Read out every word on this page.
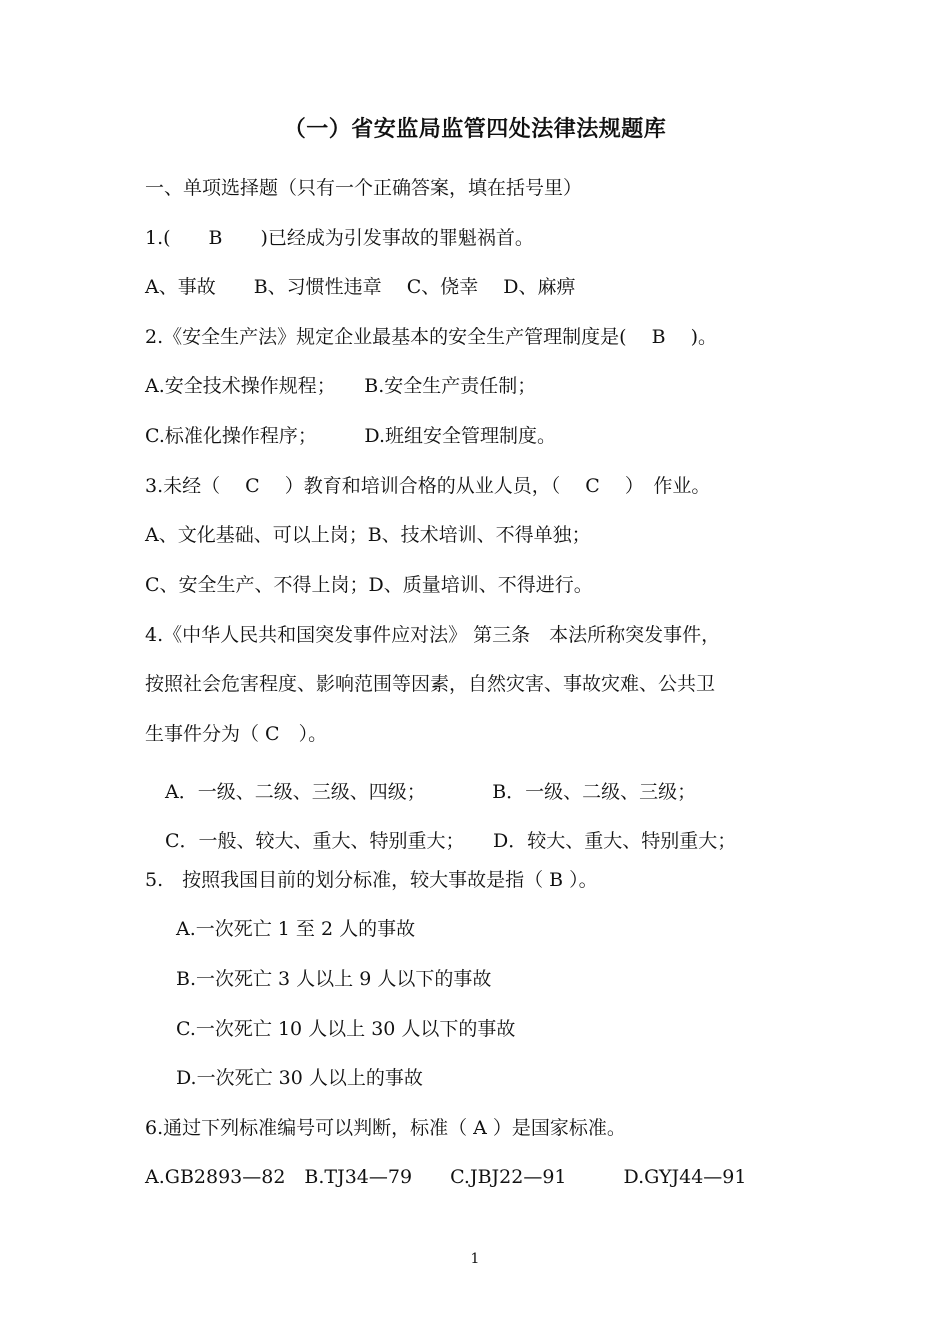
（一）省安监局监管四处法律法规题库
一、单项选择题（只有一个正确答案，填在括号里）
1.(　　B　　)已经成为引发事故的罪魁祸首。
A、事故　　B、习惯性违章　 C、侥幸　 D、麻痹
2.《安全生产法》规定企业最基本的安全生产管理制度是(　 B　 )。
A.安全技术操作规程；　　B.安全生产责任制；
C.标准化操作程序；　　　D.班组安全管理制度。
3.未经（　 C　 ）教育和培训合格的从业人员，（　 C　 ）　作业。
A、文化基础、可以上岗；B、技术培训、不得单独；
C、安全生产、不得上岗；D、质量培训、不得进行。
4.《中华人民共和国突发事件应对法》 第三条　本法所称突发事件，
按照社会危害程度、影响范围等因素，自然灾害、事故灾难、公共卫
生事件分为（ C　）。
A．一级、二级、三级、四级；　　　　B．一级、二级、三级；
C．一般、较大、重大、特别重大；　　D．较大、重大、特别重大；
5.　按照我国目前的划分标准，较大事故是指（ B ）。
A.一次死亡 1 至 2 人的事故
B.一次死亡 3 人以上 9 人以下的事故
C.一次死亡 10 人以上 30 人以下的事故
D.一次死亡 30 人以上的事故
6.通过下列标准编号可以判断，标准（ A ）是国家标准。
A.GB2893—82　B.TJ34—79　　C.JBJ22—91　　　D.GYJ44—91
1
